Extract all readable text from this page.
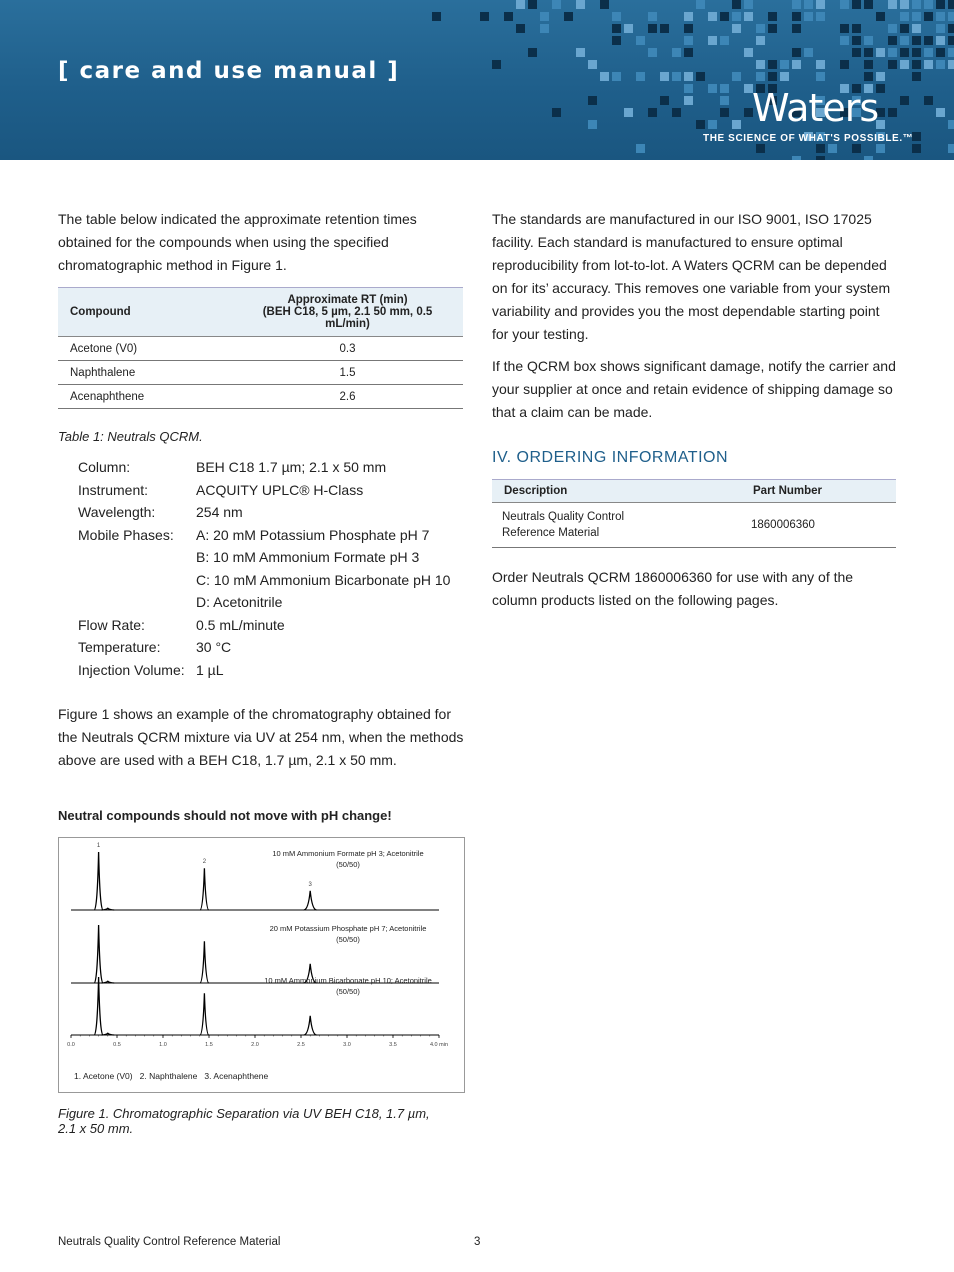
[ care and use manual ]
Waters
THE SCIENCE OF WHAT'S POSSIBLE.™
The table below indicated the approximate retention times obtained for the compounds when using the specified chromatographic method in Figure 1.
Compound	Approximate RT (min)
(BEH C18, 5 µm, 2.1 50 mm, 0.5 mL/min)

Acetone (V0)	0.3
Naphthalene	1.5
Acenaphthene	2.6
Table 1: Neutrals QCRM.
Column:	BEH C18 1.7 µm; 2.1 x 50 mm
Instrument:	ACQUITY UPLC® H-Class
Wavelength:	254 nm
Mobile Phases:	A: 20 mM Potassium Phosphate pH 7
B: 10 mM Ammonium Formate pH 3
C: 10 mM Ammonium Bicarbonate pH 10
D: Acetonitrile
Flow Rate:	0.5 mL/minute
Temperature:	30 °C
Injection Volume: 1 µL
Figure 1 shows an example of the chromatography obtained for the Neutrals QCRM mixture via UV at 254 nm, when the methods above are used with a BEH C18, 1.7 µm, 2.1 x 50 mm.
Neutral compounds should not move with pH change!
10 mM Ammonium Formate pH 3; Acetonitrile
(50/50)
20 mM Potassium Phosphate pH 7; Acetonitrile
(50/50)
10 mM Ammonium Bicarbonate pH 10; Acetonitrile
(50/50)
1
2
3
0.0	0.5	1.0	1.5	2.0	2.5	3.0	3.5	4.0 min
1. Acetone (V0)   2. Naphthalene   3. Acenaphthene
Figure 1. Chromatographic Separation via UV BEH C18, 1.7 µm,
2.1 x 50 mm.
The standards are manufactured in our ISO 9001, ISO 17025 facility. Each standard is manufactured to ensure optimal reproducibility from lot-to-lot. A Waters QCRM can be depended on for its’ accuracy. This removes one variable from your system variability and provides you the most dependable starting point for your testing.
If the QCRM box shows significant damage, notify the carrier and your supplier at once and retain evidence of shipping damage so that a claim can be made.
IV. ORDERING INFORMATION
Description	Part Number

Neutrals Quality Control
Reference Material	1860006360
Order Neutrals QCRM 1860006360 for use with any of the column products listed on the following pages.
Neutrals Quality Control Reference Material	3
